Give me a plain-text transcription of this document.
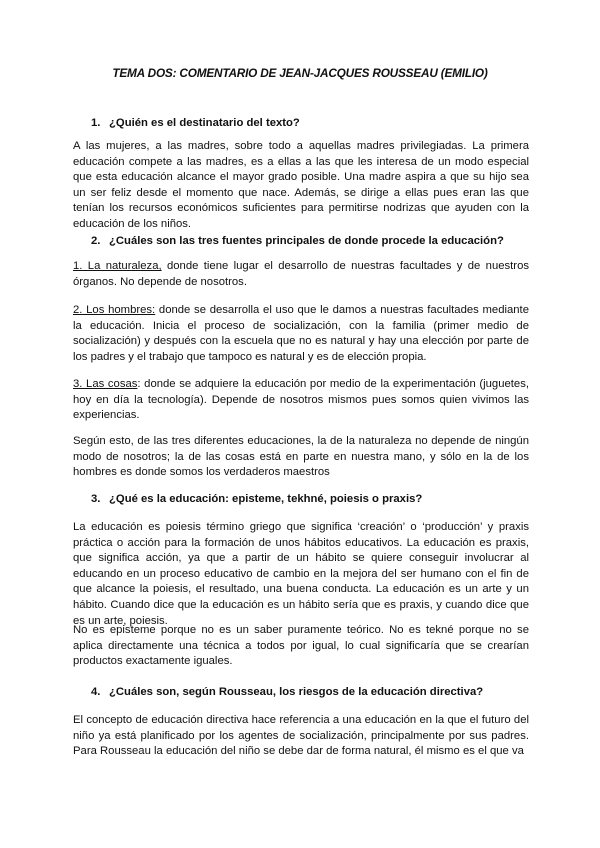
TEMA DOS: COMENTARIO DE JEAN-JACQUES ROUSSEAU (EMILIO)
1. ¿Quién es el destinatario del texto?

A las mujeres, a las madres, sobre todo a aquellas madres privilegiadas. La primera educación compete a las madres, es a ellas a las que les interesa de un modo especial que esta educación alcance el mayor grado posible. Una madre aspira a que su hijo sea un ser feliz desde el momento que nace. Además, se dirige a ellas pues eran las que tenían los recursos económicos suficientes para permitirse nodrizas que ayuden con la educación de los niños.

2. ¿Cuáles son las tres fuentes principales de donde procede la educación?

1. La naturaleza, donde tiene lugar el desarrollo de nuestras facultades y de nuestros órganos. No depende de nosotros.

2. Los hombres: donde se desarrolla el uso que le damos a nuestras facultades mediante la educación. Inicia el proceso de socialización, con la familia (primer medio de socialización) y después con la escuela que no es natural y hay una elección por parte de los padres y el trabajo que tampoco es natural y es de elección propia.

3. Las cosas: donde se adquiere la educación por medio de la experimentación (juguetes, hoy en día la tecnología). Depende de nosotros mismos pues somos quien vivimos las experiencias.

Según esto, de las tres diferentes educaciones, la de la naturaleza no depende de ningún modo de nosotros; la de las cosas está en parte en nuestra mano, y sólo en la de los hombres es donde somos los verdaderos maestros

3. ¿Qué es la educación: episteme, tekhné, poiesis o praxis?

La educación es poiesis término griego que significa ‘creación’ o ‘producción’ y praxis práctica o acción para la formación de unos hábitos educativos. La educación es praxis, que significa acción, ya que a partir de un hábito se quiere conseguir involucrar al educando en un proceso educativo de cambio en la mejora del ser humano con el fin de que alcance la poiesis, el resultado, una buena conducta. La educación es un arte y un hábito. Cuando dice que la educación es un hábito sería que es praxis, y cuando dice que es un arte, poiesis.

No es episteme porque no es un saber puramente teórico. No es tekné porque no se aplica directamente una técnica a todos por igual, lo cual significaría que se crearían productos exactamente iguales.

4. ¿Cuáles son, según Rousseau, los riesgos de la educación directiva?

El concepto de educación directiva hace referencia a una educación en la que el futuro del niño ya está planificado por los agentes de socialización, principalmente por sus padres. Para Rousseau la educación del niño se debe dar de forma natural, él mismo es el que va
